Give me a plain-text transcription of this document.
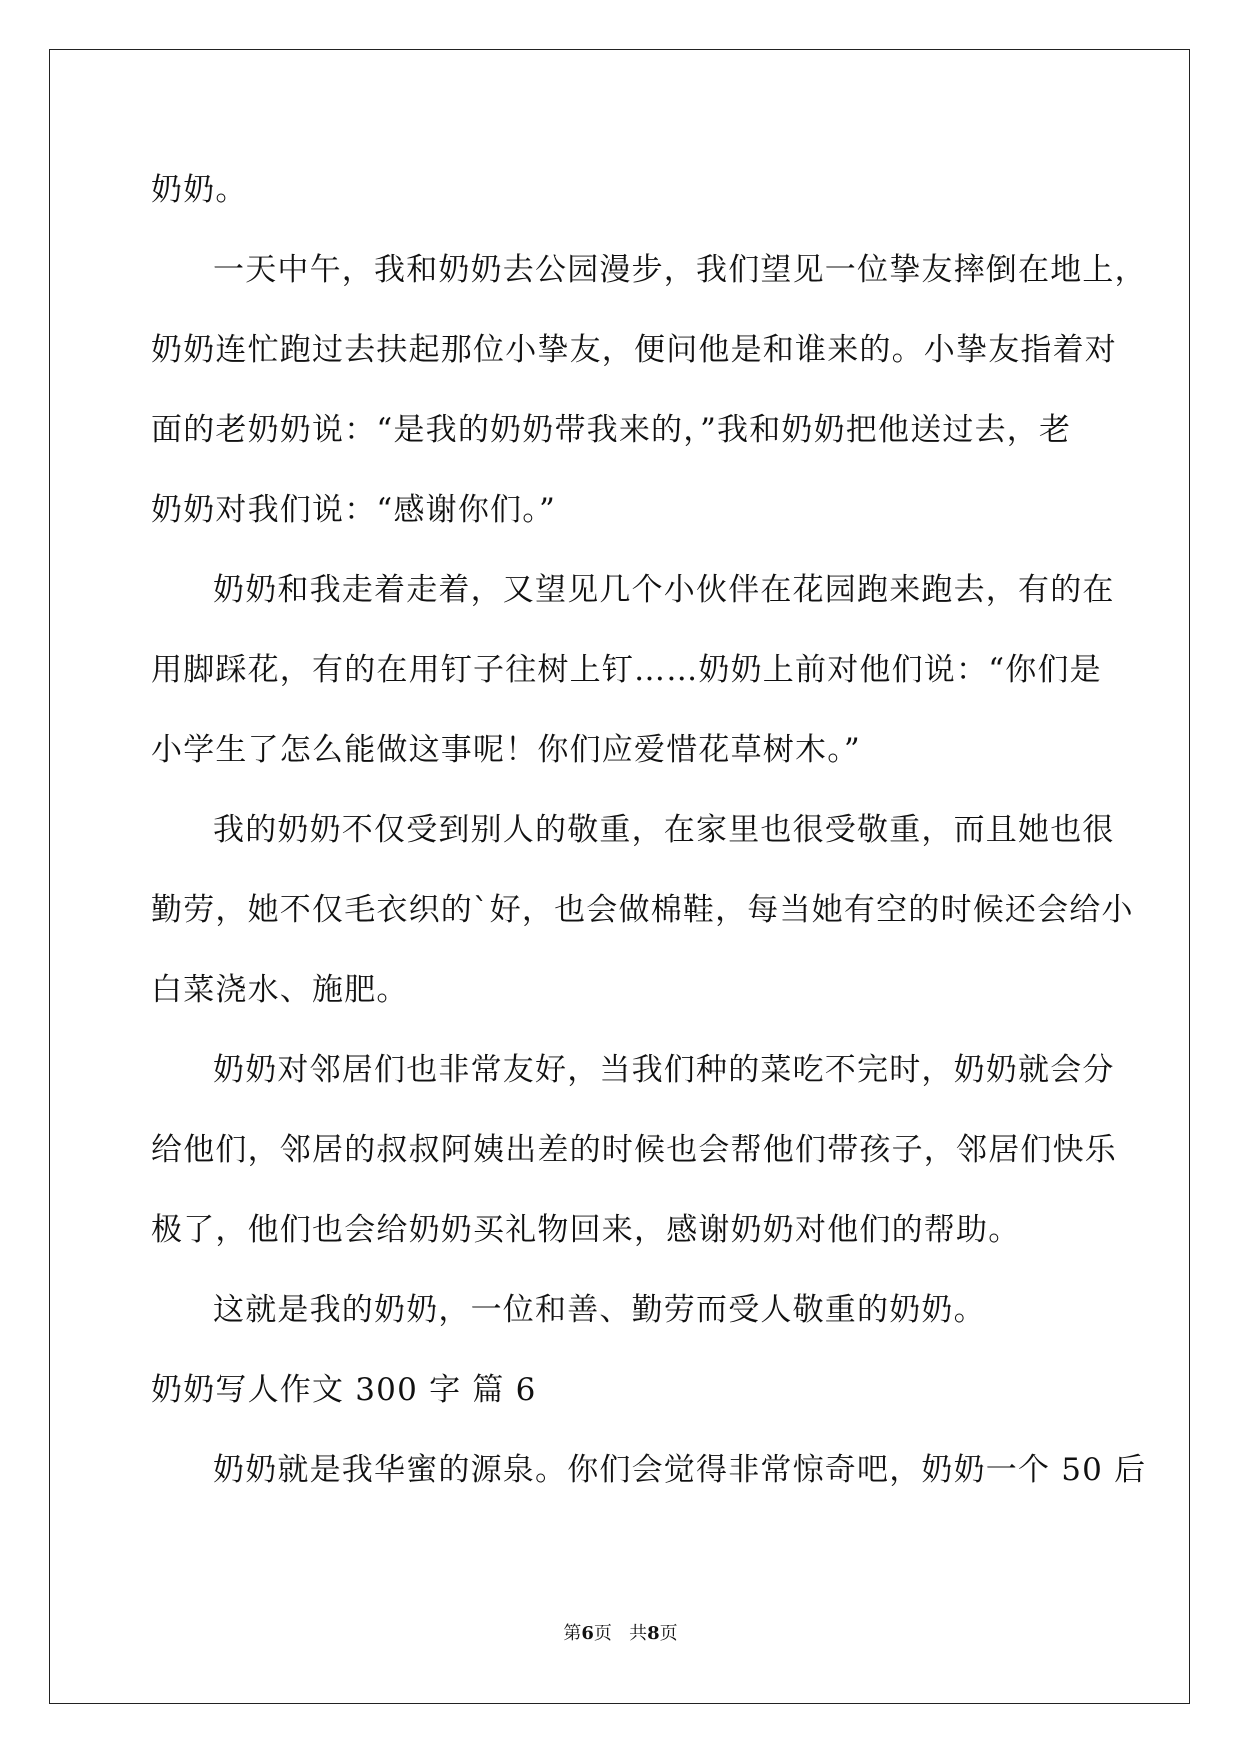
奶奶。
一天中午，我和奶奶去公园漫步，我们望见一位挚友摔倒在地上，
奶奶连忙跑过去扶起那位小挚友，便问他是和谁来的。小挚友指着对
面的老奶奶说：“是我的奶奶带我来的，”我和奶奶把他送过去，老
奶奶对我们说：“感谢你们。”
奶奶和我走着走着，又望见几个小伙伴在花园跑来跑去，有的在
用脚踩花，有的在用钉子往树上钉……奶奶上前对他们说：“你们是
小学生了怎么能做这事呢！你们应爱惜花草树木。”
我的奶奶不仅受到别人的敬重，在家里也很受敬重，而且她也很
勤劳，她不仅毛衣织的`好，也会做棉鞋，每当她有空的时候还会给小
白菜浇水、施肥。
奶奶对邻居们也非常友好，当我们种的菜吃不完时，奶奶就会分
给他们，邻居的叔叔阿姨出差的时候也会帮他们带孩子，邻居们快乐
极了，他们也会给奶奶买礼物回来，感谢奶奶对他们的帮助。
这就是我的奶奶，一位和善、勤劳而受人敬重的奶奶。
奶奶写人作文 300 字 篇 6
奶奶就是我华蜜的源泉。你们会觉得非常惊奇吧，奶奶一个 50 后
第6页   共8页
